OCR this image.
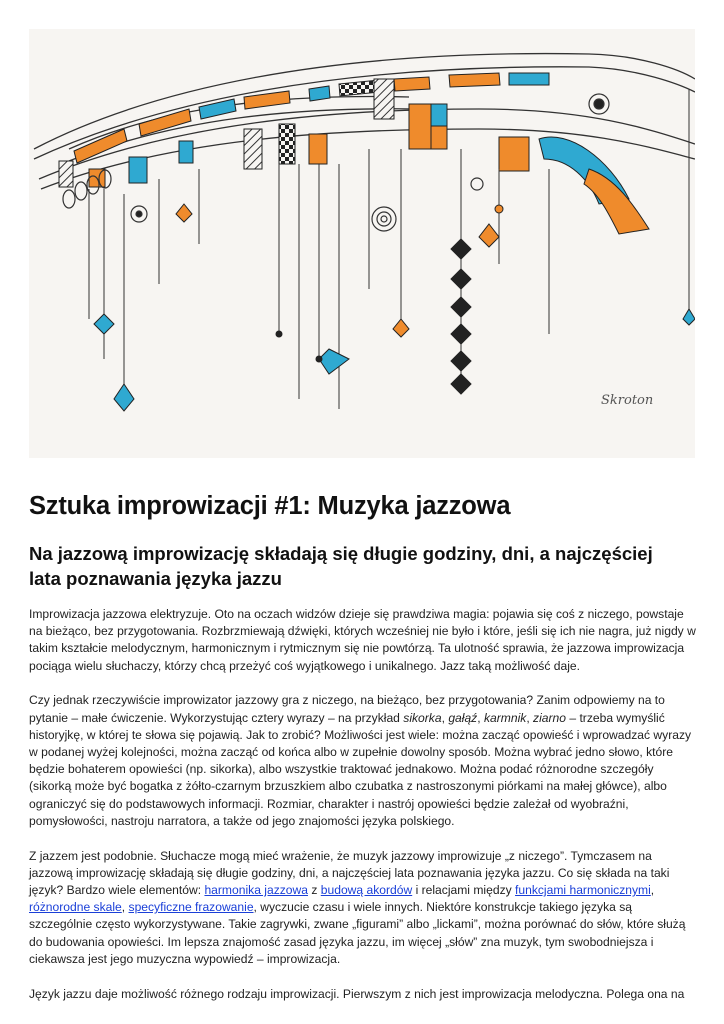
Skroton
Sztuka improwizacji #1: Muzyka jazzowa
Na jazzową improwizację składają się długie godziny, dni, a najczęściej lata poznawania języka jazzu

Improwizacja jazzowa elektryzuje. Oto na oczach widzów dzieje się prawdziwa magia: pojawia się coś z niczego, powstaje na bieżąco, bez przygotowania. Rozbrzmiewają dźwięki, których wcześniej nie było i które, jeśli się ich nie nagra, już nigdy w takim kształcie melodycznym, harmonicznym i rytmicznym się nie powtórzą. Ta ulotność sprawia, że jazzowa improwizacja pociąga wielu słuchaczy, którzy chcą przeżyć coś wyjątkowego i unikalnego. Jazz taką możliwość daje.

Czy jednak rzeczywiście improwizator jazzowy gra z niczego, na bieżąco, bez przygotowania? Zanim odpowiemy na to pytanie – małe ćwiczenie. Wykorzystując cztery wyrazy – na przykład sikorka, gałąź, karmnik, ziarno – trzeba wymyślić historyjkę, w której te słowa się pojawią. Jak to zrobić? Możliwości jest wiele: można zacząć opowieść i wprowadzać wyrazy w podanej wyżej kolejności, można zacząć od końca albo w zupełnie dowolny sposób. Można wybrać jedno słowo, które będzie bohaterem opowieści (np. sikorka), albo wszystkie traktować jednakowo. Można podać różnorodne szczegóły (sikorką może być bogatka z żółto-czarnym brzuszkiem albo czubatka z nastroszonymi piórkami na małej główce), albo ograniczyć się do podstawowych informacji. Rozmiar, charakter i nastrój opowieści będzie zależał od wyobraźni, pomysłowości, nastroju narratora, a także od jego znajomości języka polskiego.

Z jazzem jest podobnie. Słuchacze mogą mieć wrażenie, że muzyk jazzowy improwizuje „z niczego”. Tymczasem na jazzową improwizację składają się długie godziny, dni, a najczęściej lata poznawania języka jazzu. Co się składa na taki język? Bardzo wiele elementów: harmonika jazzowa z budową akordów i relacjami między funkcjami harmonicznymi, różnorodne skale, specyficzne frazowanie, wyczucie czasu i wiele innych. Niektóre konstrukcje takiego języka są szczególnie często wykorzystywane. Takie zagrywki, zwane „figurami” albo „lickami”, można porównać do słów, które służą do budowania opowieści. Im lepsza znajomość zasad języka jazzu, im więcej „słów” zna muzyk, tym swobodniejsza i ciekawsza jest jego muzyczna wypowiedź – improwizacja.

Język jazzu daje możliwość różnego rodzaju improwizacji. Pierwszym z nich jest improwizacja melodyczna. Polega ona na
